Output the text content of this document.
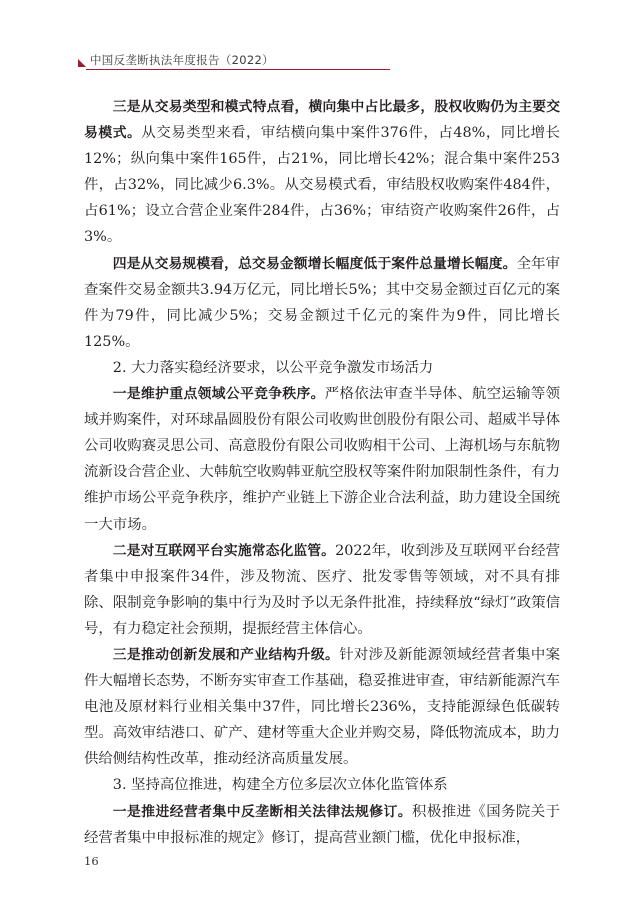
中国反垄断执法年度报告（2022）

三是从交易类型和模式特点看，横向集中占比最多，股权收购仍为主要交易模式。从交易类型来看，审结横向集中案件376件，占48%，同比增长12%；纵向集中案件165件，占21%，同比增长42%；混合集中案件253件，占32%，同比减少6.3%。从交易模式看，审结股权收购案件484件，占61%；设立合营企业案件284件，占36%；审结资产收购案件26件，占3%。

四是从交易规模看，总交易金额增长幅度低于案件总量增长幅度。全年审查案件交易金额共3.94万亿元，同比增长5%；其中交易金额过百亿元的案件为79件，同比减少5%；交易金额过千亿元的案件为9件，同比增长125%。

2. 大力落实稳经济要求，以公平竞争激发市场活力

一是维护重点领域公平竞争秩序。严格依法审查半导体、航空运输等领域并购案件，对环球晶圆股份有限公司收购世创股份有限公司、超威半导体公司收购赛灵思公司、高意股份有限公司收购相干公司、上海机场与东航物流新设合营企业、大韩航空收购韩亚航空股权等案件附加限制性条件，有力维护市场公平竞争秩序，维护产业链上下游企业合法利益，助力建设全国统一大市场。

二是对互联网平台实施常态化监管。2022年，收到涉及互联网平台经营者集中申报案件34件，涉及物流、医疗、批发零售等领域，对不具有排除、限制竞争影响的集中行为及时予以无条件批准，持续释放“绿灯”政策信号，有力稳定社会预期，提振经营主体信心。

三是推动创新发展和产业结构升级。针对涉及新能源领域经营者集中案件大幅增长态势，不断夯实审查工作基础，稳妥推进审查，审结新能源汽车电池及原材料行业相关集中37件，同比增长236%，支持能源绿色低碳转型。高效审结港口、矿产、建材等重大企业并购交易，降低物流成本，助力供给侧结构性改革，推动经济高质量发展。

3. 坚持高位推进，构建全方位多层次立体化监管体系

一是推进经营者集中反垄断相关法律法规修订。积极推进《国务院关于经营者集中申报标准的规定》修订，提高营业额门槛，优化申报标准，

16
